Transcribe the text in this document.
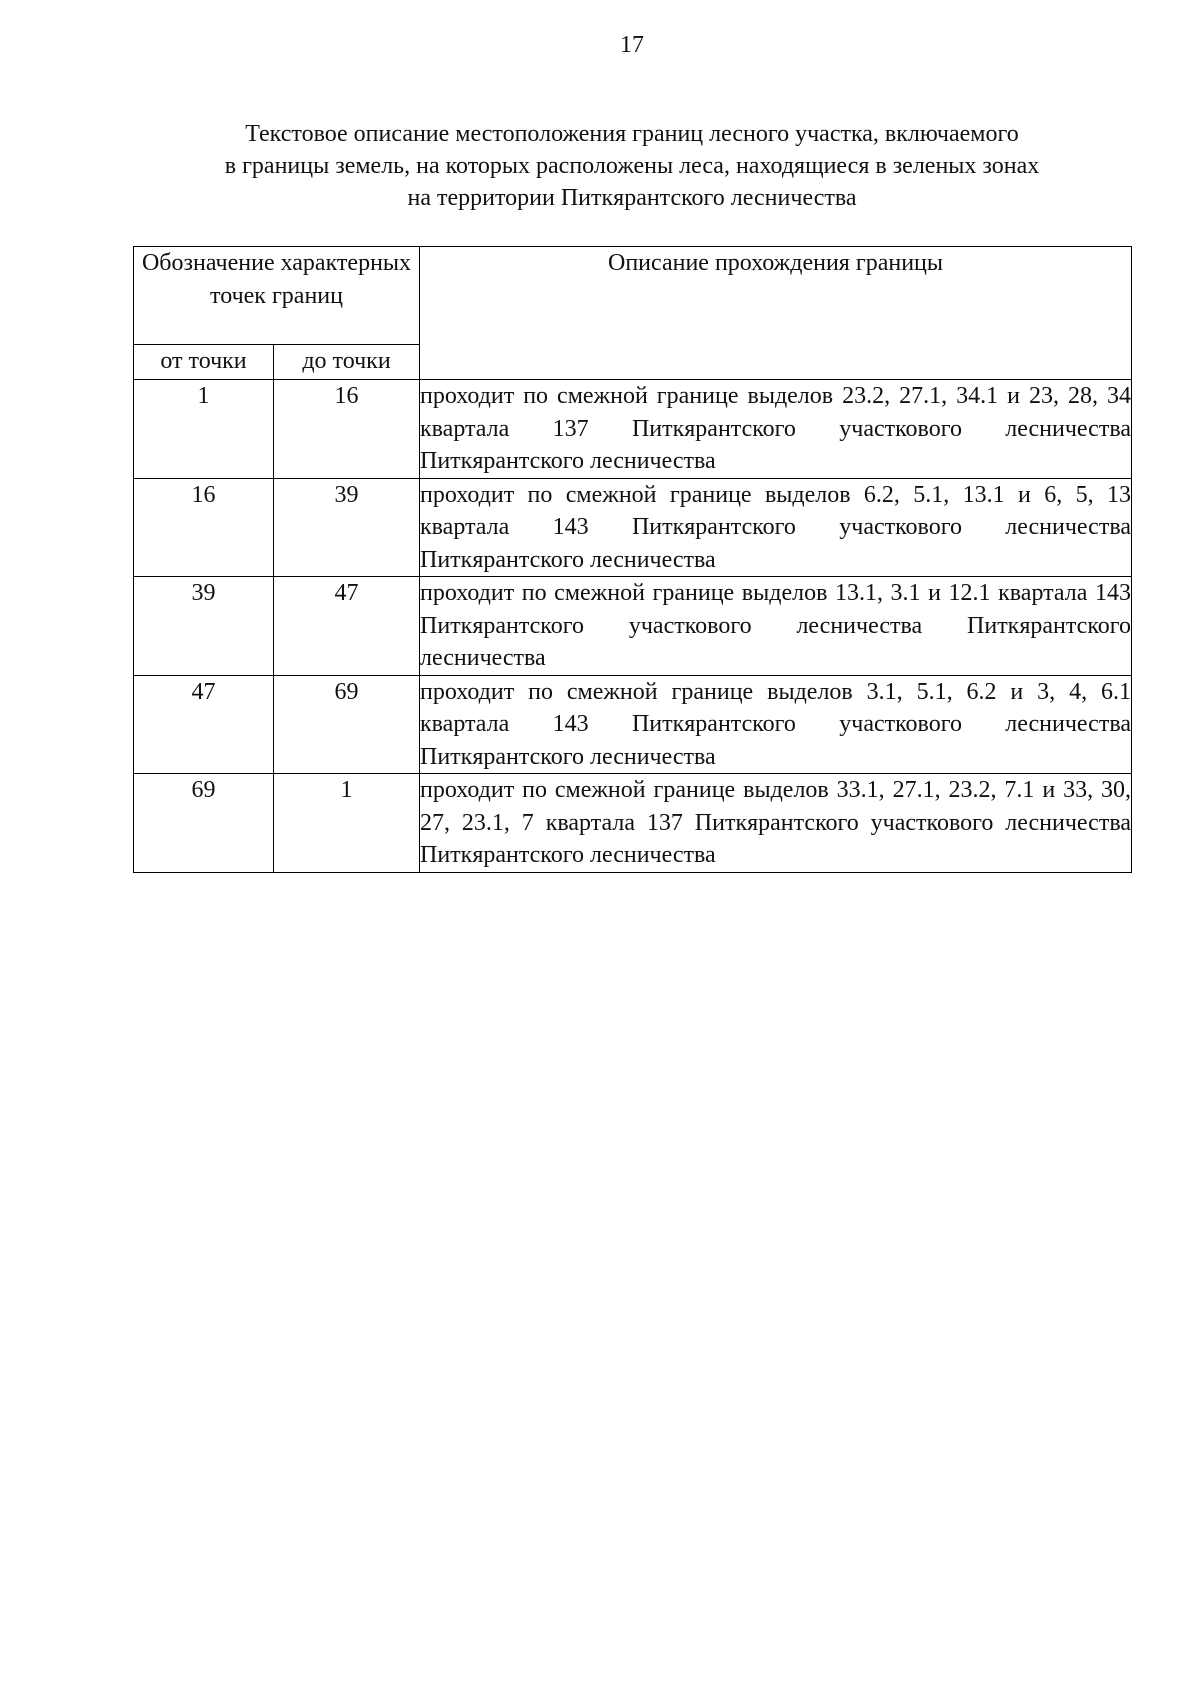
17
Текстовое описание местоположения границ лесного участка, включаемого
в границы земель, на которых расположены леса, находящиеся в зеленых зонах
на территории Питкярантского лесничества
Обозначение характерных точек границ		Описание прохождения границы
от точки	до точки	
1	16	проходит по смежной границе выделов 23.2, 27.1, 34.1 и 23, 28, 34 квартала 137 Питкярантского участкового лесничества Питкярантского лесничества
16	39	проходит по смежной границе выделов 6.2, 5.1, 13.1 и 6, 5, 13 квартала 143 Питкярантского участкового лесничества Питкярантского лесничества
39	47	проходит по смежной границе выделов 13.1, 3.1 и 12.1 квартала 143 Питкярантского участкового лесничества Питкярантского лесничества
47	69	проходит по смежной границе выделов 3.1, 5.1, 6.2 и 3, 4, 6.1 квартала 143 Питкярантского участкового лесничества Питкярантского лесничества
69	1	проходит по смежной границе выделов 33.1, 27.1, 23.2, 7.1 и 33, 30, 27, 23.1, 7 квартала 137 Питкярантского участкового лесничества Питкярантского лесничества
